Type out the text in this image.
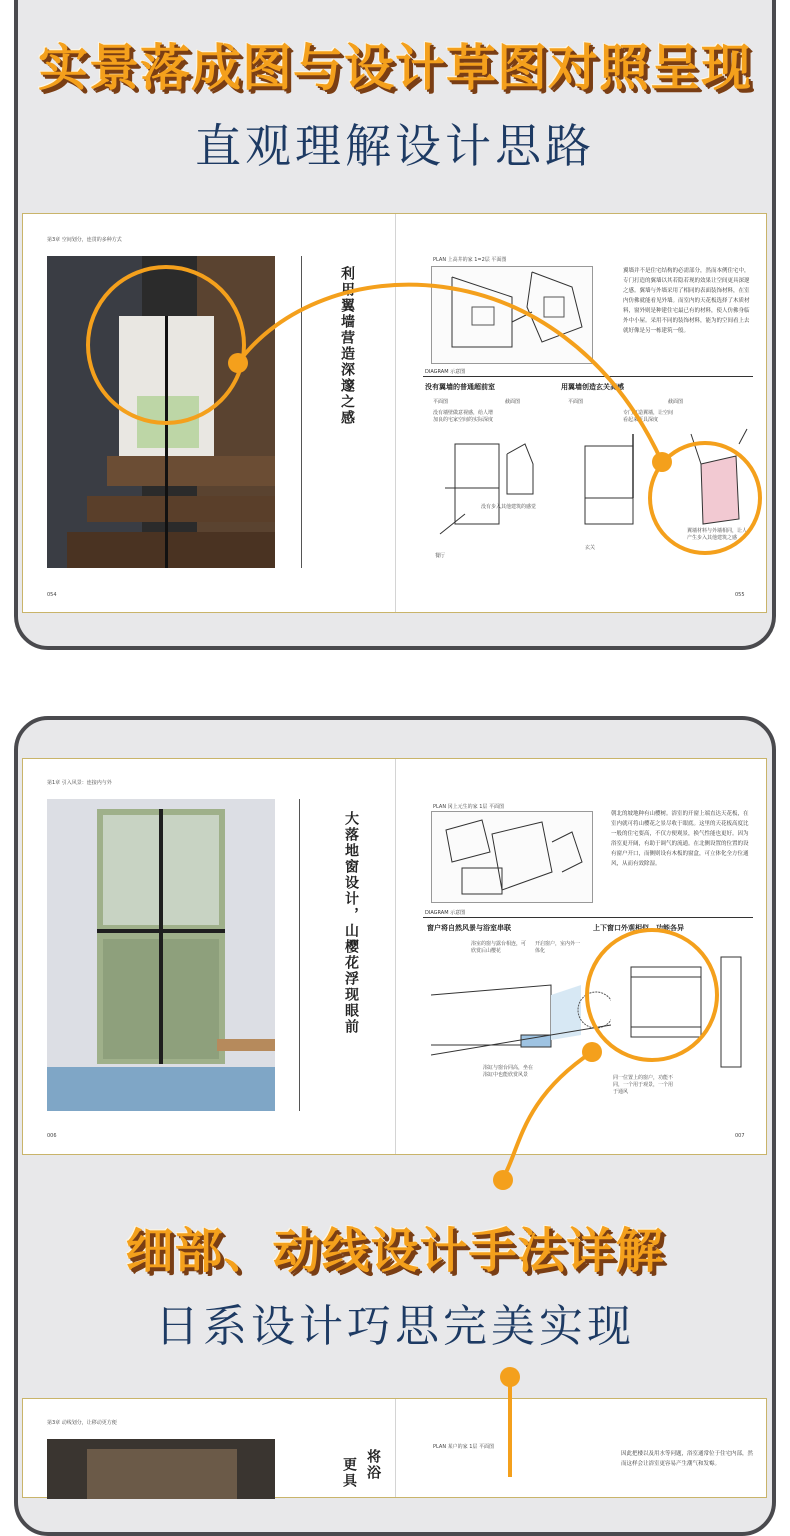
实景落成图与设计草图对照呈现
直观理解设计思路
第3章 空间划分，连贯的多种方式
利用翼墙营造深邃之感
PLAN 上高井的家 1=2层 平面图
翼墙并不是住宅结构的必需部分，然而本例住宅中，专门打造的翼墙以其若隐若现的效果让空间更具深邃之感。翼墙与外墙采用了相同的表面装饰材料，在室内仿佛就能看见外墙。而室内的天花板选择了木质材料，窗外则是种建住宅最已有的材料，使人仿佛身临外中小屋。采用不同的装饰材料，能为的空间看上去就好像是另一栋建筑一般。
DIAGRAM 示意图
没有翼墙的普通超前室	用翼墙创造玄关高感
平面图	截面图	平面图	截面图
没有墙壁做意视感，给人增加良的宅家空间的实际深度
没有步入其他建筑的感觉
专门打造翼墙，让空间看起来更具深度
翼墙材料与外墙相同，让人产生步入其他建筑之感
餐厅
玄关
054	055
第1章 引入风景：连接内与外
大落地窗设计，山樱花浮现眼前
PLAN 冈上元生的家 1层 平面图
朝北的坡地种有山樱树。浴室的开窗上端直达天花板，在室内就可将山樱花之景尽收于眼底。这里的天花板高度比一般的住宅要高，不仅方便观景，换气性能也更好。因为浴室更开阔，有助于调气的流通。在北侧设置的位置的设有窗户开口，而侧则设有木板的窗盒，可立体化全方位通风，从而有效除湿。
DIAGRAM 示意图
窗户将自然风景与浴室串联	上下窗口外观相似，功能各异
浴室的窗与露台相连，可欣赏后山樱花
开启窗户，室内外一体化
浴缸与窗台同高，坐在浴缸中也能欣赏风景	同一位置上的窗户，功能不同，一个用于观景，一个用于通风
006	007
细部、动线设计手法详解
日系设计巧思完美实现
第3章 动线划分，让移动更方便
将浴
更具
PLAN 某户的家 1层 平面图
因此把楼以及用水等问题，浴室通常位于住宅内部，然而这样会让浴室更容易产生潮气和发霉。
